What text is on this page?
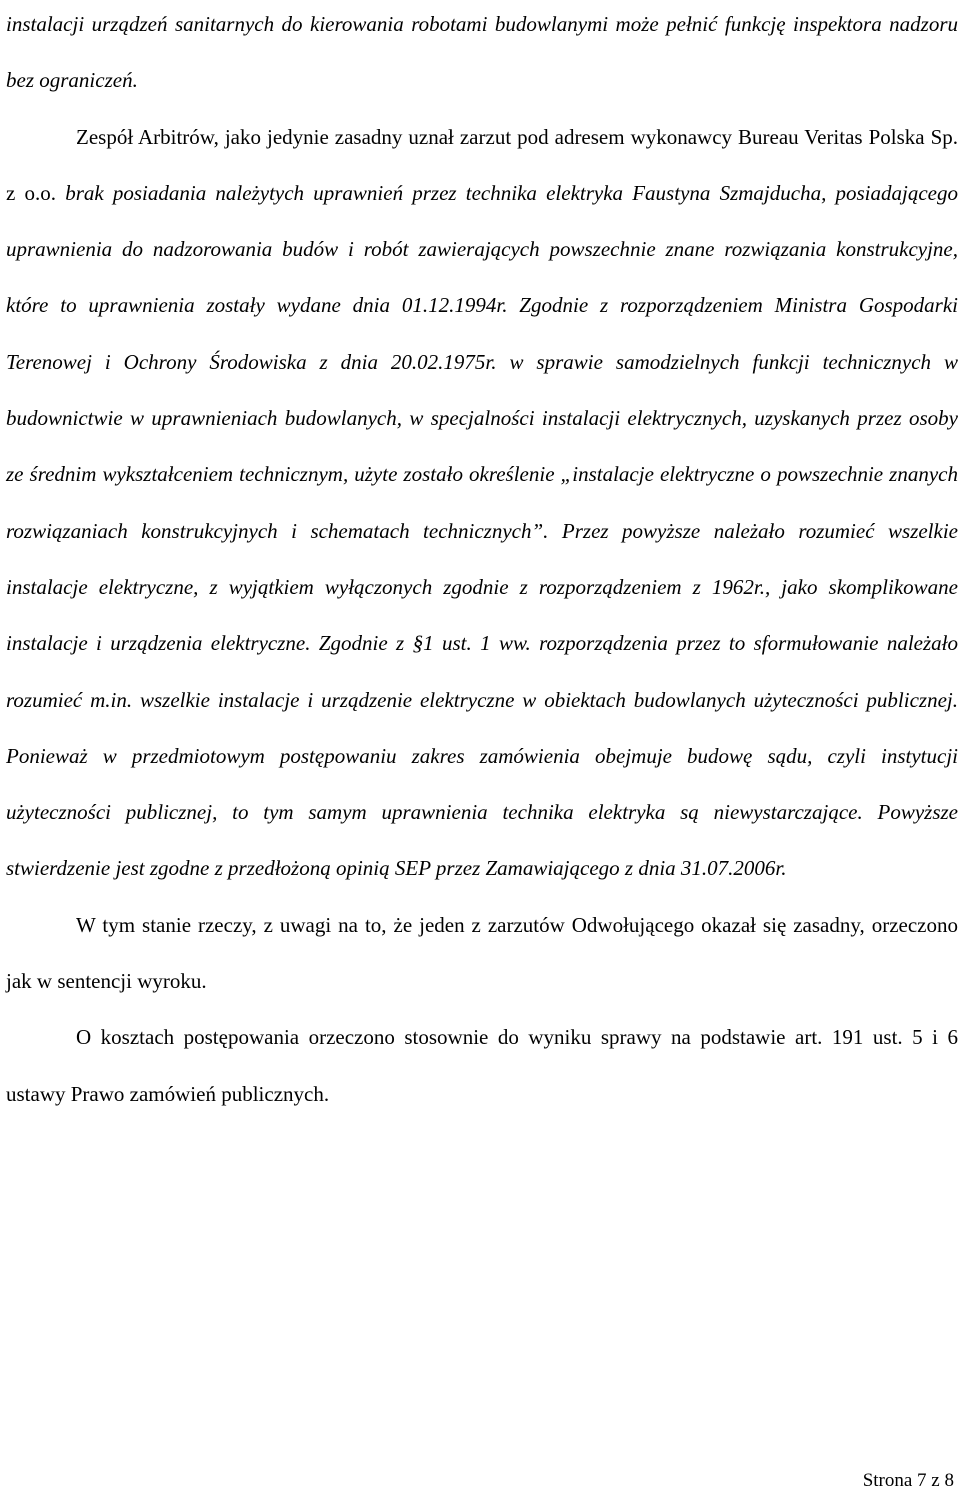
instalacji urządzeń sanitarnych do kierowania robotami budowlanymi może pełnić funkcję inspektora nadzoru bez ograniczeń.

Zespół Arbitrów, jako jedynie zasadny uznał zarzut pod adresem wykonawcy Bureau Veritas Polska Sp. z o.o. brak posiadania należytych uprawnień przez technika elektryka Faustyna Szmajducha, posiadającego uprawnienia do nadzorowania budów i robót zawierających powszechnie znane rozwiązania konstrukcyjne, które to uprawnienia zostały wydane dnia 01.12.1994r. Zgodnie z rozporządzeniem Ministra Gospodarki Terenowej i Ochrony Środowiska z dnia 20.02.1975r. w sprawie samodzielnych funkcji technicznych w budownictwie w uprawnieniach budowlanych, w specjalności instalacji elektrycznych, uzyskanych przez osoby ze średnim wykształceniem technicznym, użyte zostało określenie „instalacje elektryczne o powszechnie znanych rozwiązaniach konstrukcyjnych i schematach technicznych”. Przez powyższe należało rozumieć wszelkie instalacje elektryczne, z wyjątkiem wyłączonych zgodnie z rozporządzeniem z 1962r., jako skomplikowane instalacje i urządzenia elektryczne. Zgodnie z §1 ust. 1 ww. rozporządzenia przez to sformułowanie należało rozumieć m.in. wszelkie instalacje i urządzenie elektryczne w obiektach budowlanych użyteczności publicznej. Ponieważ w przedmiotowym postępowaniu zakres zamówienia obejmuje budowę sądu, czyli instytucji użyteczności publicznej, to tym samym uprawnienia technika elektryka są niewystarczające. Powyższe stwierdzenie jest zgodne z przedłożoną opinią SEP przez Zamawiającego z dnia 31.07.2006r.

W tym stanie rzeczy, z uwagi na to, że jeden z zarzutów Odwołującego okazał się zasadny, orzeczono jak w sentencji wyroku.

O kosztach postępowania orzeczono stosownie do wyniku sprawy na podstawie art. 191 ust. 5 i 6 ustawy Prawo zamówień publicznych.

Strona 7 z 8
